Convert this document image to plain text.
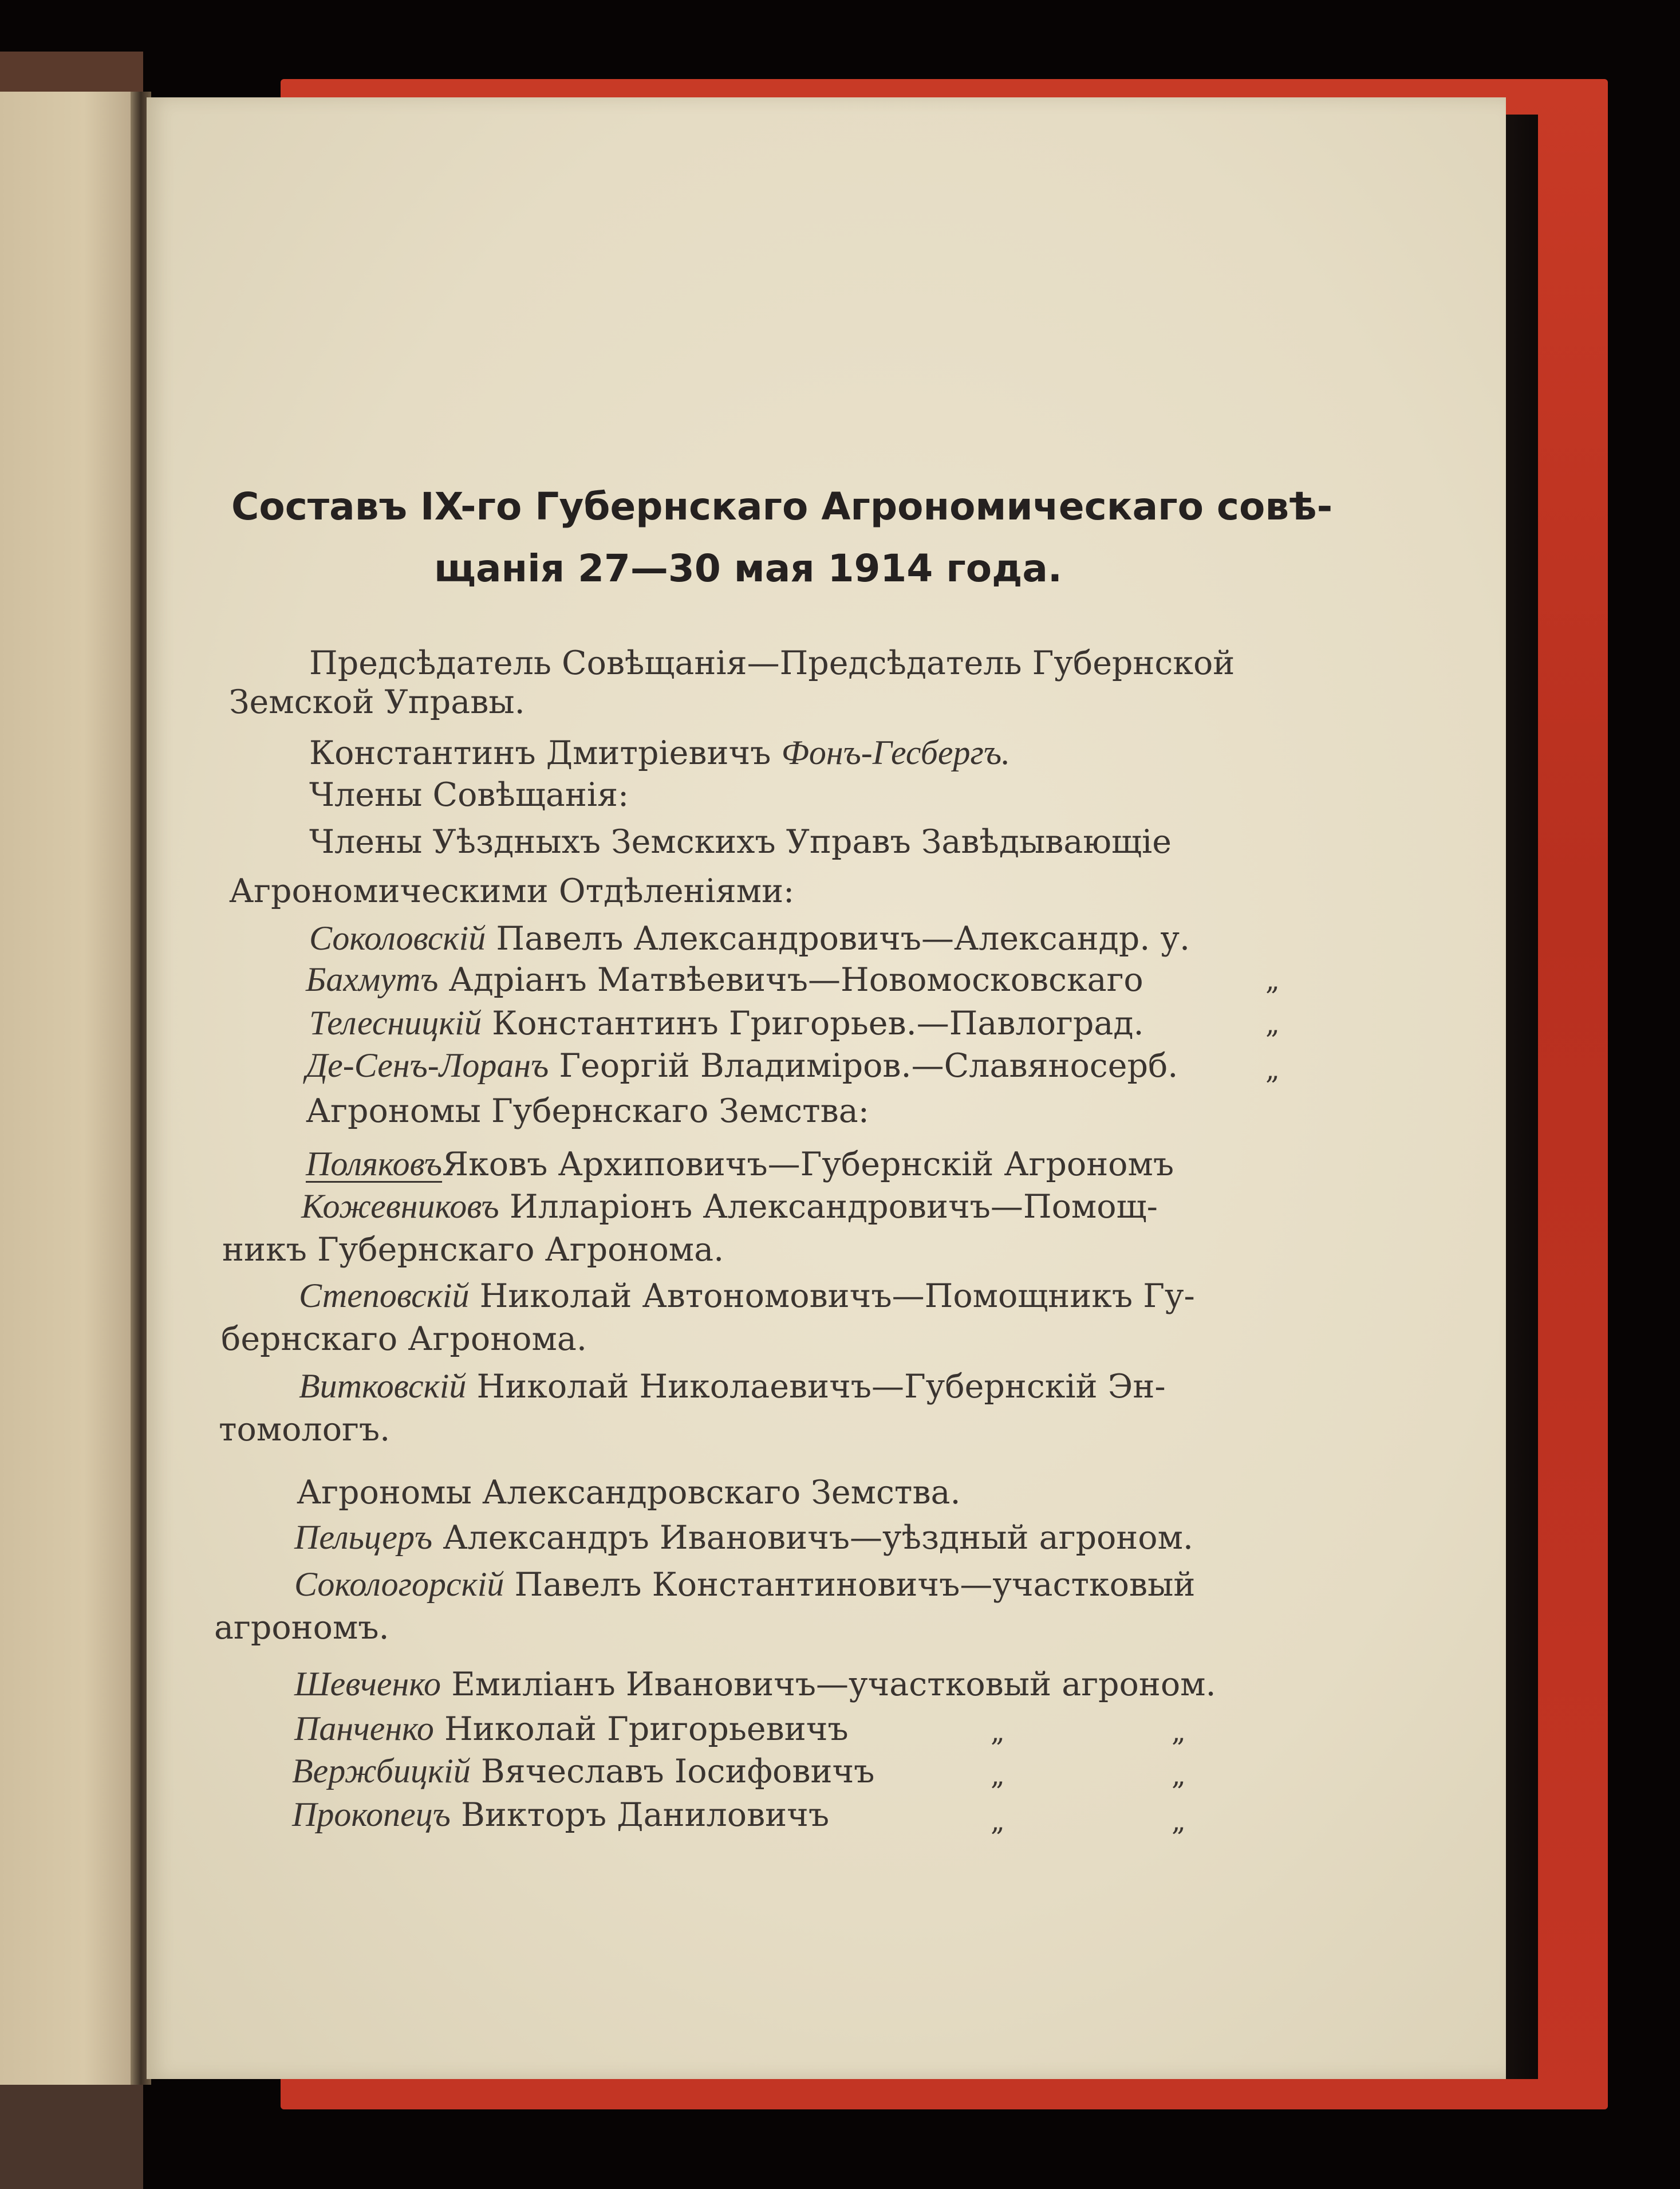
Составъ IX-го Губернскаго Агрономическаго совѣ-

щанія 27—30 мая 1914 года.

Предсѣдатель Совѣщанія—Предсѣдатель Губернской

Земской Управы.

Константинъ Дмитріевичъ Фонъ-Гесбергъ.

Члены Совѣщанія:

Члены Уѣздныхъ Земскихъ Управъ Завѣдывающіе

Агрономическими Отдѣленіями:

Соколовскій Павелъ Александровичъ—Александр. у.

Бахмутъ Адріанъ Матвѣевичъ—Новомосковскаго	„

Телесницкій Константинъ Григорьев.—Павлоград.	„

Де-Сенъ-Лоранъ Георгій Владиміров.—Славяносерб.	„

Агрономы Губернскаго Земства:

ПоляковъЯковъ Архиповичъ—Губернскій Агрономъ

Кожевниковъ Илларіонъ Александровичъ—Помощ-

никъ Губернскаго Агронома.

Степовскій Николай Автономовичъ—Помощникъ Гу-

бернскаго Агронома.

Витковскій Николай Николаевичъ—Губернскій Эн-

томологъ.

Агрономы Александровскаго Земства.

Пельцеръ Александръ Ивановичъ—уѣздный агроном.

Сокологорскій Павелъ Константиновичъ—участковый

агрономъ.

Шевченко Емиліанъ Ивановичъ—участковый агроном.

Панченко Николай Григорьевичъ	„	„

Вержбицкій Вячеславъ Іосифовичъ	„	„

Прокопецъ Викторъ Даниловичъ	„	„
